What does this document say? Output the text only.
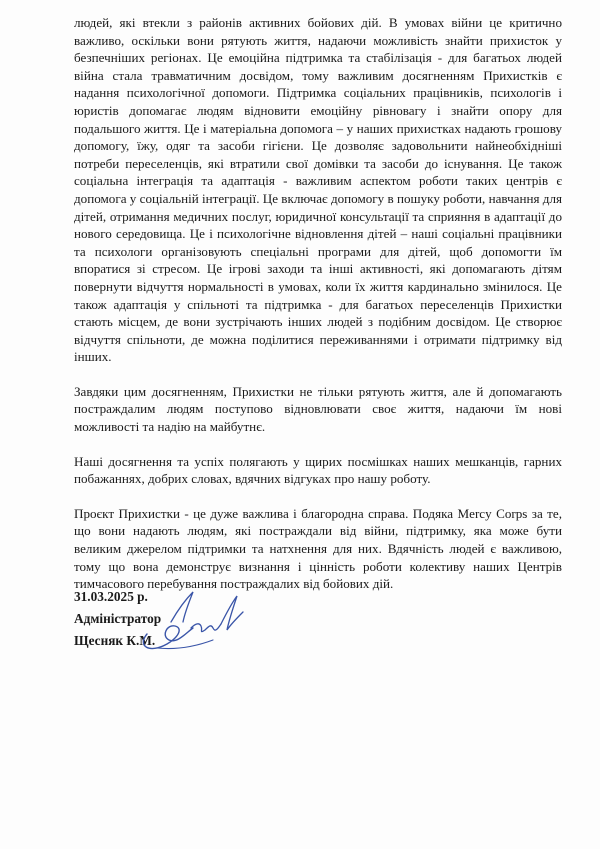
людей, які втекли з районів активних бойових дій. В умовах війни це критично важливо, оскільки вони рятують життя, надаючи можливість знайти прихисток у безпечніших регіонах. Це емоційна підтримка та стабілізація - для багатьох людей війна стала травматичним досвідом, тому важливим досягненням Прихистків є надання психологічної допомоги. Підтримка соціальних працівників, психологів і юристів допомагає людям відновити емоційну рівновагу і знайти опору для подальшого життя. Це і матеріальна допомога – у наших прихистках надають грошову допомогу, їжу, одяг та засоби гігієни. Це дозволяє задовольнити найнеобхідніші потреби переселенців, які втратили свої домівки та засоби до існування. Це також соціальна інтеграція та адаптація - важливим аспектом роботи таких центрів є допомога у соціальній інтеграції. Це включає допомогу в пошуку роботи, навчання для дітей, отримання медичних послуг, юридичної консультації та сприяння в адаптації до нового середовища. Це і психологічне відновлення дітей – наші соціальні працівники та психологи організовують спеціальні програми для дітей, щоб допомогти їм впоратися зі стресом. Це ігрові заходи та інші активності, які допомагають дітям повернути відчуття нормальності в умовах, коли їх життя кардинально змінилося. Це також адаптація у спільноті та підтримка - для багатьох переселенців Прихистки стають місцем, де вони зустрічають інших людей з подібним досвідом. Це створює відчуття спільноти, де можна поділитися переживаннями і отримати підтримку від інших.

Завдяки цим досягненням, Прихистки не тільки рятують життя, але й допомагають постраждалим людям поступово відновлювати своє життя, надаючи їм нові можливості та надію на майбутнє.

Наші досягнення та успіх полягають у щирих посмішках наших мешканців, гарних побажаннях, добрих словах, вдячних відгуках про нашу роботу.

Проєкт Прихистки - це дуже важлива і благородна справа. Подяка Mercy Corps за те, що вони надають людям, які постраждали від війни, підтримку, яка може бути великим джерелом підтримки та натхнення для них. Вдячність людей є важливою, тому що вона демонструє визнання і цінність роботи колективу наших Центрів тимчасового перебування постраждалих від бойових дій.

31.03.2025 р.
Адміністратор
Щесняк К.М.
